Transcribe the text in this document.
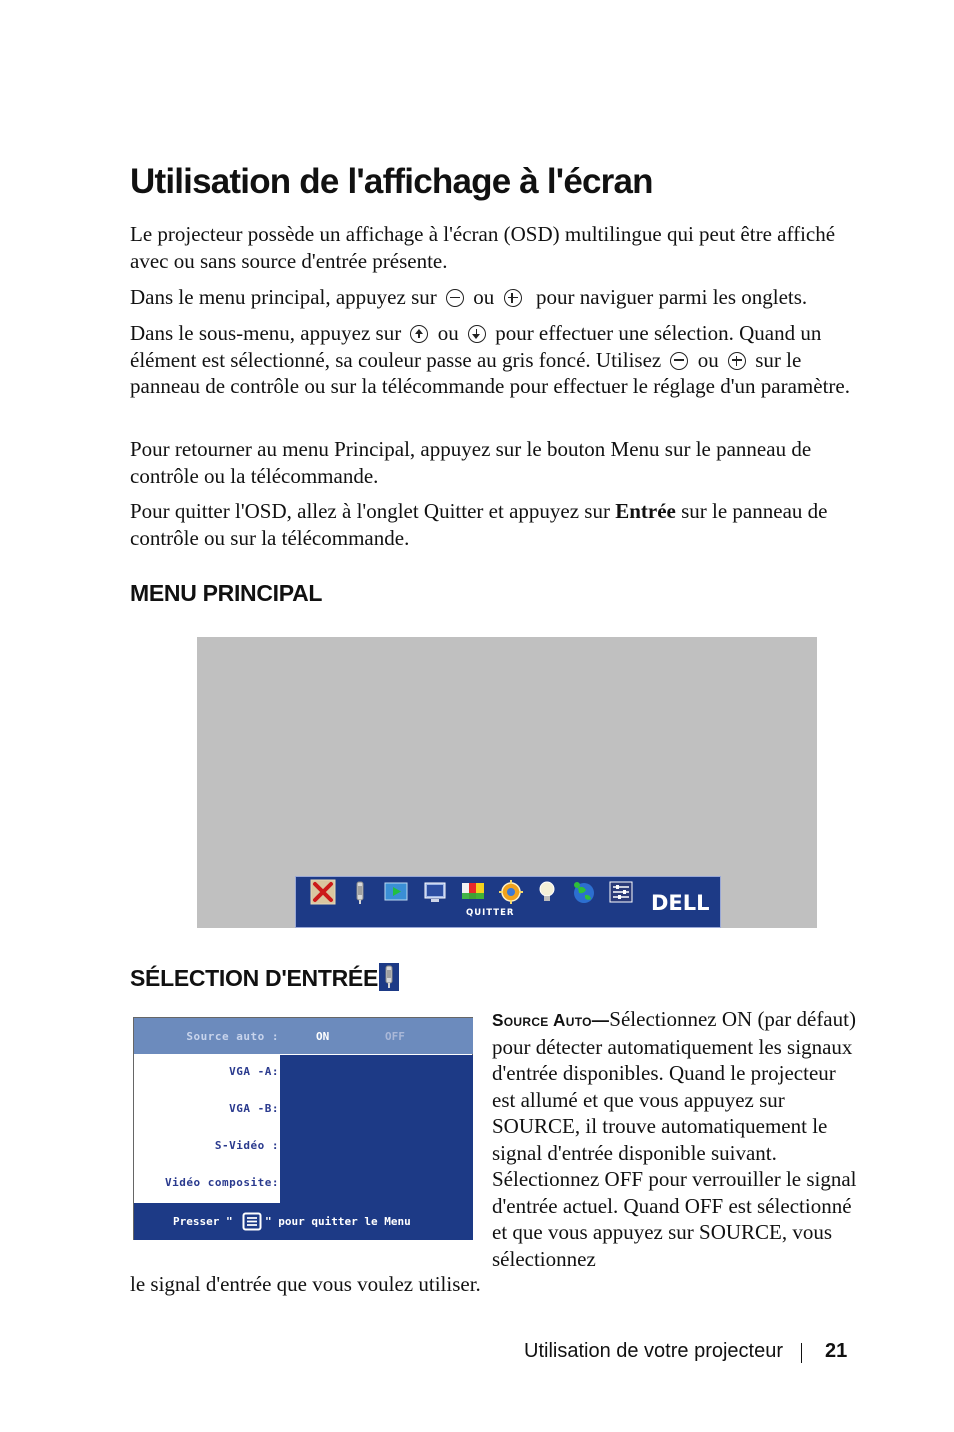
Utilisation de l'affichage à l'écran

Le projecteur possède un affichage à l'écran (OSD) multilingue qui peut être affiché avec ou sans source d'entrée présente.

Dans le menu principal, appuyez sur ou pour naviguer parmi les onglets.

Dans le sous-menu, appuyez sur ou pour effectuer une sélection. Quand un élément est sélectionné, sa couleur passe au gris foncé. Utilisez ou sur le panneau de contrôle ou sur la télécommande pour effectuer le réglage d'un paramètre.

Pour retourner au menu Principal, appuyez sur le bouton Menu sur le panneau de contrôle ou la télécommande.

Pour quitter l'OSD, allez à l'onglet Quitter et appuyez sur Entrée sur le panneau de contrôle ou sur la télécommande.

MENU PRINCIPAL
QUITTER	DELL
SÉLECTION D'ENTRÉE
Source auto :	ON	OFF
VGA -A:
VGA -B:
S-Vidéo :
Vidéo composite:
Presser "	" pour quitter le Menu

Source Auto—Sélectionnez ON (par défaut) pour détecter automatiquement les signaux d'entrée disponibles. Quand le projecteur est allumé et que vous appuyez sur SOURCE, il trouve automatiquement le signal d'entrée disponible suivant. Sélectionnez OFF pour verrouiller le signal d'entrée actuel. Quand OFF est sélectionné et que vous appuyez sur SOURCE, vous sélectionnez

le signal d'entrée que vous voulez utiliser.

Utilisation de votre projecteur 21
